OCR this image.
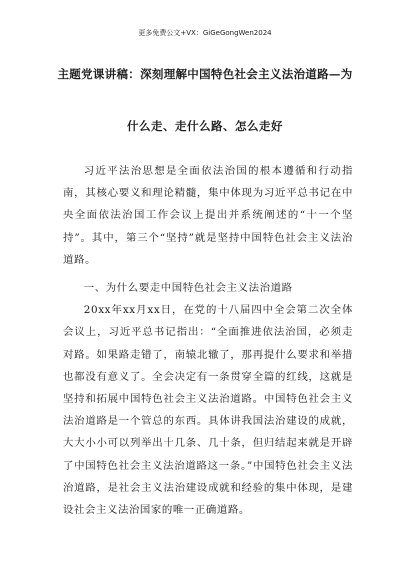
更多免费公文+VX：GiGeGongWen2024
主题党课讲稿：深刻理解中国特色社会主义法治道路—为
什么走、走什么路、怎么走好

习近平法治思想是全面依法治国的根本遵循和行动指南，其核心要义和理论精髓，集中体现为习近平总书记在中央全面依法治国工作会议上提出并系统阐述的“十一个坚持”。其中，第三个“坚持”就是坚持中国特色社会主义法治道路。

一、为什么要走中国特色社会主义法治道路

20xx年xx月xx日，在党的十八届四中全会第二次全体会议上，习近平总书记指出：“全面推进依法治国，必须走对路。如果路走错了，南辕北辙了，那再提什么要求和举措也都没有意义了。全会决定有一条贯穿全篇的红线，这就是坚持和拓展中国特色社会主义法治道路。中国特色社会主义法治道路是一个管总的东西。具体讲我国法治建设的成就，大大小小可以列举出十几条、几十条，但归结起来就是开辟了中国特色社会主义法治道路这一条。”中国特色社会主义法治道路，是社会主义法治建设成就和经验的集中体现，是建设社会主义法治国家的唯一正确道路。
